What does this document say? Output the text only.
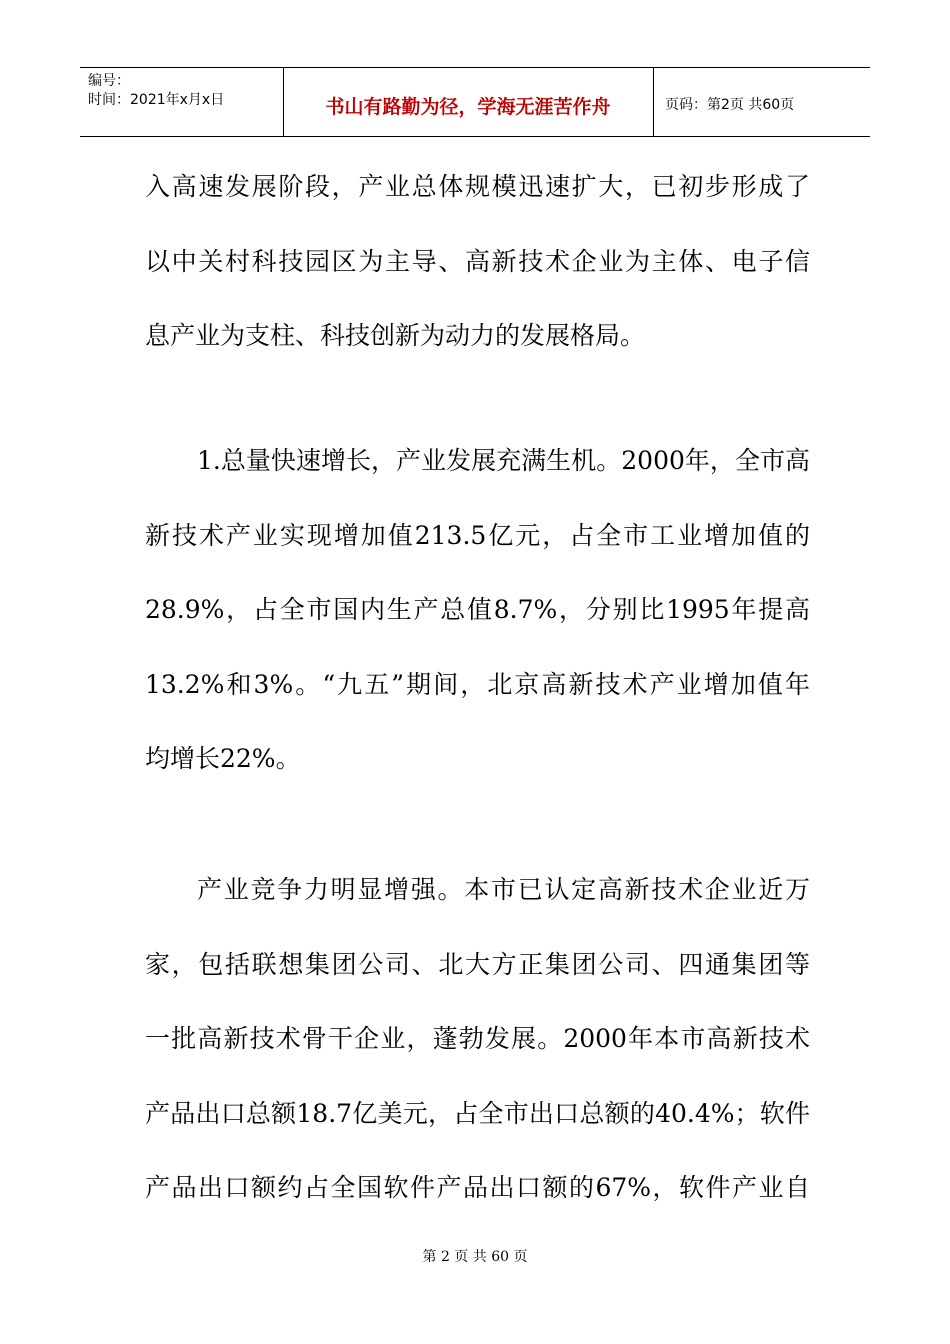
编号：
时间：2021年x月x日	书山有路勤为径，学海无涯苦作舟	页码：第2页 共60页
入高速发展阶段，产业总体规模迅速扩大，已初步形成了
以中关村科技园区为主导、高新技术企业为主体、电子信
息产业为支柱、科技创新为动力的发展格局。
1.总量快速增长，产业发展充满生机。2000年，全市高
新技术产业实现增加值213.5亿元，占全市工业增加值的
28.9%，占全市国内生产总值8.7%，分别比1995年提高
13.2%和3%。“九五”期间，北京高新技术产业增加值年
均增长22%。
产业竞争力明显增强。本市已认定高新技术企业近万
家，包括联想集团公司、北大方正集团公司、四通集团等
一批高新技术骨干企业，蓬勃发展。2000年本市高新技术
产品出口总额18.7亿美元，占全市出口总额的40.4%；软件
产品出口额约占全国软件产品出口额的67%，软件产业自
第 2 页 共 60 页
